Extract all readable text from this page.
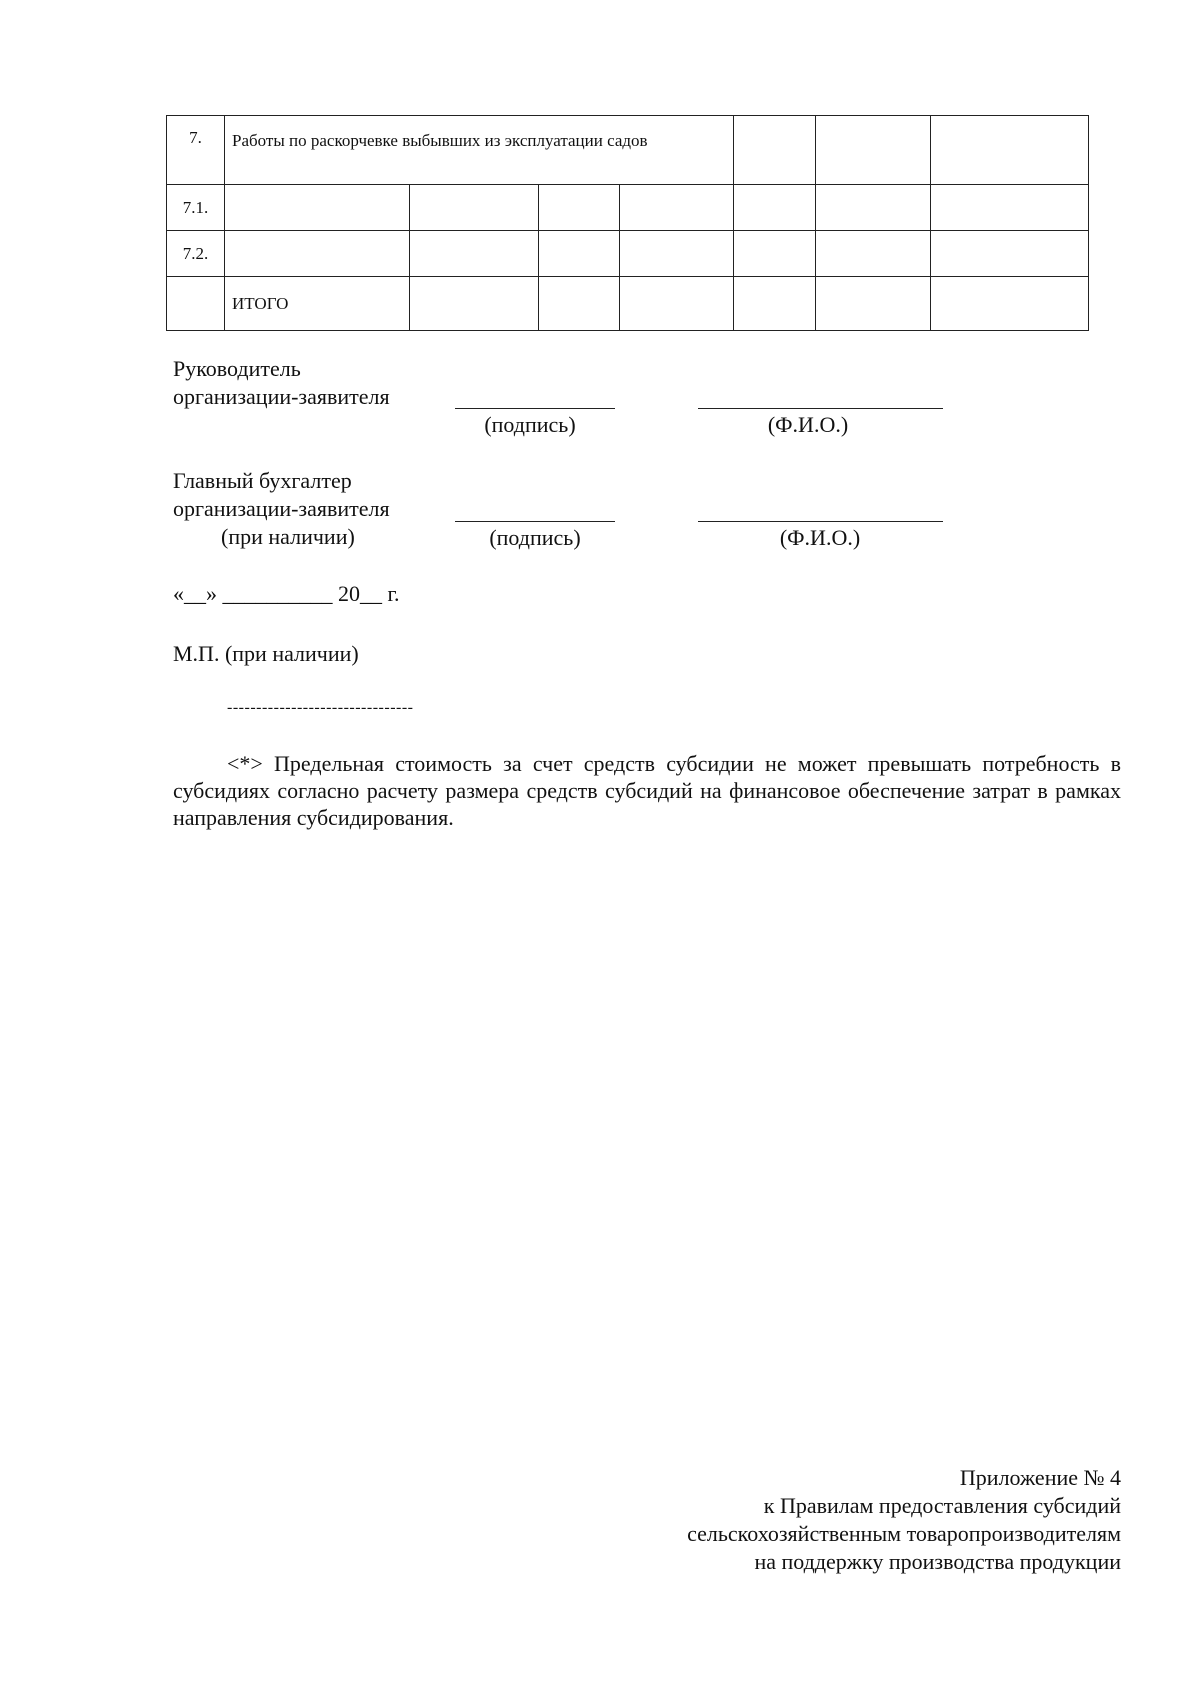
7.	Работы по раскорчевке выбывших из эксплуатации садов						
7.1.							
7.2.							
	ИТОГО						
Руководитель
организации-заявителя
(подпись)	(Ф.И.О.)
Главный бухгалтер
организации-заявителя
(при наличии)	(подпись)	(Ф.И.О.)
«__» __________ 20__ г.
М.П. (при наличии)
--------------------------------
<*> Предельная стоимость за счет средств субсидии не может превышать потребность в субсидиях согласно расчету размера средств субсидий на финансовое обеспечение затрат в рамках направления субсидирования.
Приложение № 4
к Правилам предоставления субсидий
сельскохозяйственным товаропроизводителям
на поддержку производства продукции
